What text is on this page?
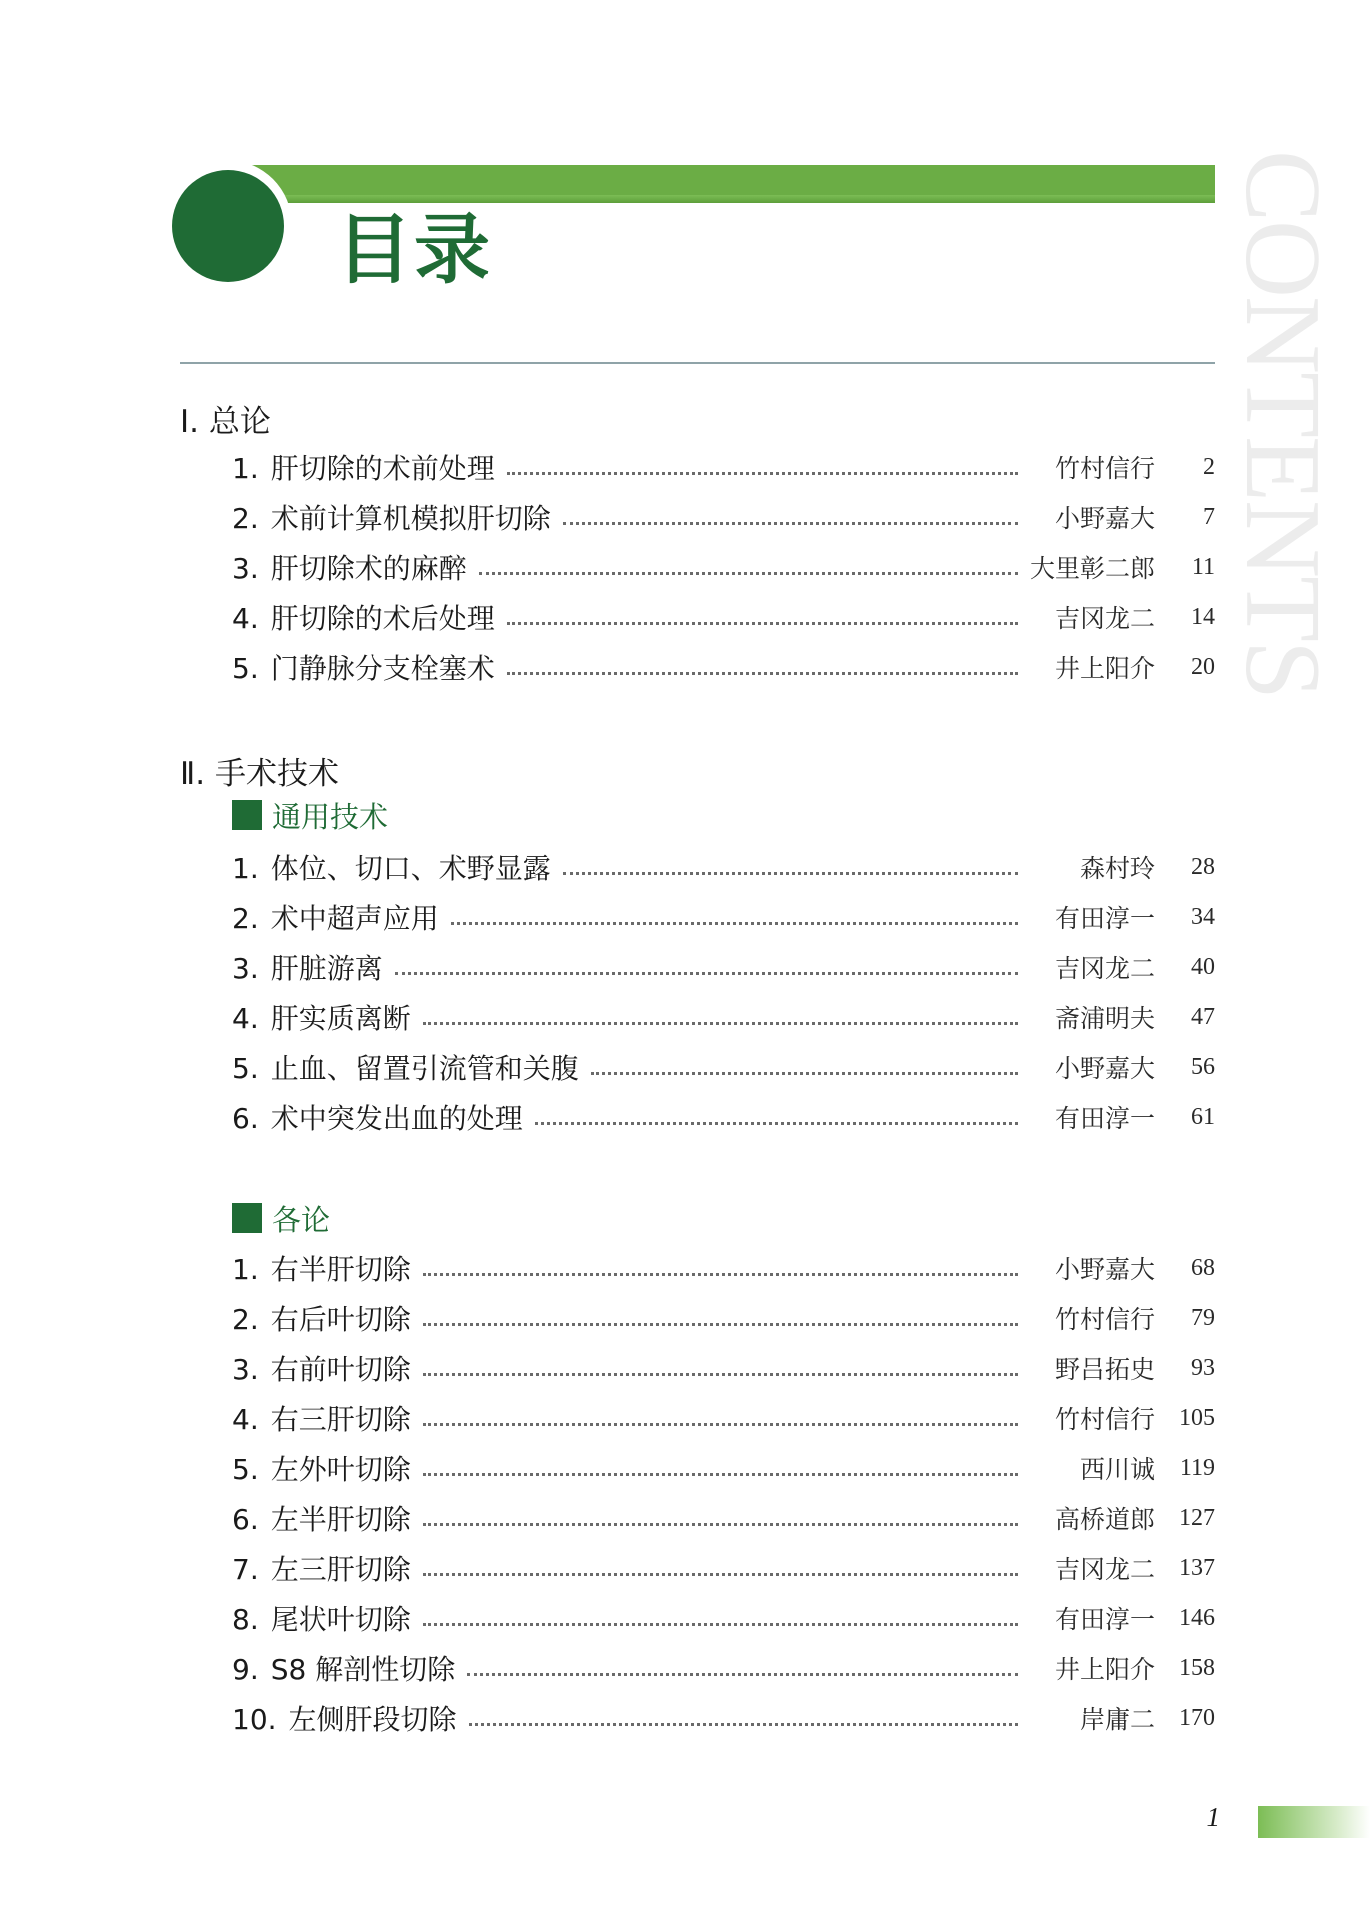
目录	CONTENTS
Ⅰ. 总论
1. 肝切除的术前处理	竹村信行	2
2. 术前计算机模拟肝切除	小野嘉大	7
3. 肝切除术的麻醉	大里彰二郎	11
4. 肝切除的术后处理	吉冈龙二	14
5. 门静脉分支栓塞术	井上阳介	20
Ⅱ. 手术技术
通用技术
1. 体位、切口、术野显露	森村玲	28
2. 术中超声应用	有田淳一	34
3. 肝脏游离	吉冈龙二	40
4. 肝实质离断	斋浦明夫	47
5. 止血、留置引流管和关腹	小野嘉大	56
6. 术中突发出血的处理	有田淳一	61
各论
1. 右半肝切除	小野嘉大	68
2. 右后叶切除	竹村信行	79
3. 右前叶切除	野吕拓史	93
4. 右三肝切除	竹村信行	105
5. 左外叶切除	西川诚	119
6. 左半肝切除	高桥道郎	127
7. 左三肝切除	吉冈龙二	137
8. 尾状叶切除	有田淳一	146
9. S8 解剖性切除	井上阳介	158
10. 左侧肝段切除	岸庸二	170
1
